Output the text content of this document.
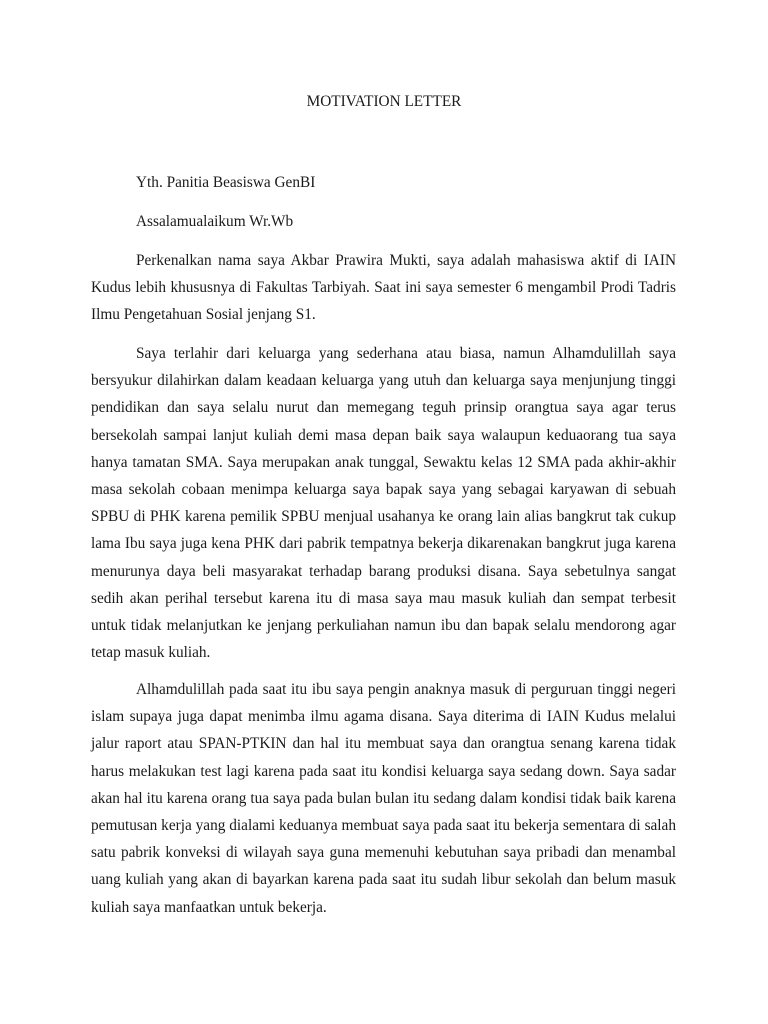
MOTIVATION LETTER
Yth. Panitia Beasiswa GenBI
Assalamualaikum Wr.Wb

Perkenalkan nama saya Akbar Prawira Mukti, saya adalah mahasiswa aktif di IAIN Kudus lebih khususnya di Fakultas Tarbiyah. Saat ini saya semester 6 mengambil Prodi Tadris Ilmu Pengetahuan Sosial jenjang S1.

Saya terlahir dari keluarga yang sederhana atau biasa, namun Alhamdulillah saya bersyukur dilahirkan dalam keadaan keluarga yang utuh dan keluarga saya menjunjung tinggi pendidikan dan saya selalu nurut dan memegang teguh prinsip orangtua saya agar terus bersekolah sampai lanjut kuliah demi masa depan baik saya walaupun keduaorang tua saya hanya tamatan SMA. Saya merupakan anak tunggal, Sewaktu kelas 12 SMA pada akhir-akhir masa sekolah cobaan menimpa keluarga saya bapak saya yang sebagai karyawan di sebuah SPBU di PHK karena pemilik SPBU menjual usahanya ke orang lain alias bangkrut tak cukup lama Ibu saya juga kena PHK dari pabrik tempatnya bekerja dikarenakan bangkrut juga karena menurunya daya beli masyarakat terhadap barang produksi disana. Saya sebetulnya sangat sedih akan perihal tersebut karena itu di masa saya mau masuk kuliah dan sempat terbesit untuk tidak melanjutkan ke jenjang perkuliahan namun ibu dan bapak selalu mendorong agar tetap masuk kuliah.

Alhamdulillah pada saat itu ibu saya pengin anaknya masuk di perguruan tinggi negeri islam supaya juga dapat menimba ilmu agama disana. Saya diterima di IAIN Kudus melalui jalur raport atau SPAN-PTKIN dan hal itu membuat saya dan orangtua senang karena tidak harus melakukan test lagi karena pada saat itu kondisi keluarga saya sedang down. Saya sadar akan hal itu karena orang tua saya pada bulan bulan itu sedang dalam kondisi tidak baik karena pemutusan kerja yang dialami keduanya membuat saya pada saat itu bekerja sementara di salah satu pabrik konveksi di wilayah saya guna memenuhi kebutuhan saya pribadi dan menambal uang kuliah yang akan di bayarkan karena pada saat itu sudah libur sekolah dan belum masuk kuliah saya manfaatkan untuk bekerja.
